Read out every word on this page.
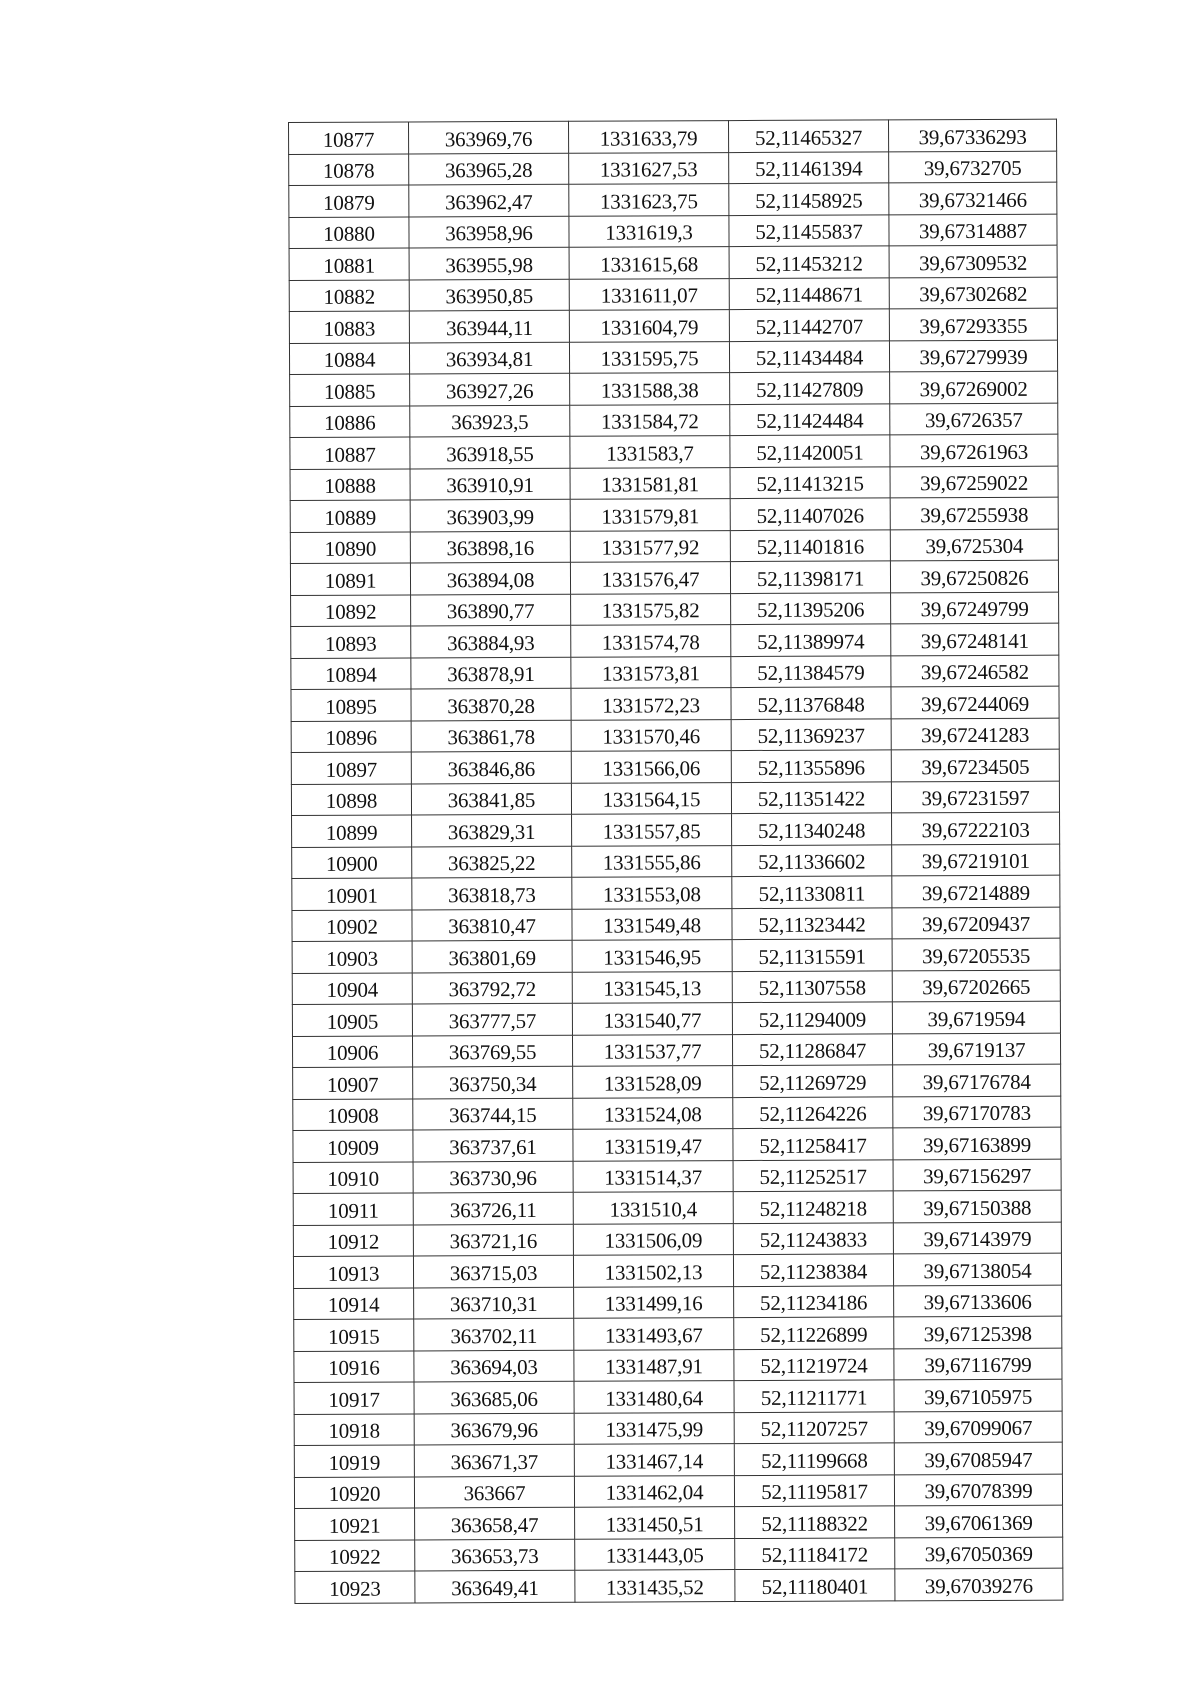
10877	363969,76	1331633,79	52,11465327	39,67336293
10878	363965,28	1331627,53	52,11461394	39,6732705
10879	363962,47	1331623,75	52,11458925	39,67321466
10880	363958,96	1331619,3	52,11455837	39,67314887
10881	363955,98	1331615,68	52,11453212	39,67309532
10882	363950,85	1331611,07	52,11448671	39,67302682
10883	363944,11	1331604,79	52,11442707	39,67293355
10884	363934,81	1331595,75	52,11434484	39,67279939
10885	363927,26	1331588,38	52,11427809	39,67269002
10886	363923,5	1331584,72	52,11424484	39,6726357
10887	363918,55	1331583,7	52,11420051	39,67261963
10888	363910,91	1331581,81	52,11413215	39,67259022
10889	363903,99	1331579,81	52,11407026	39,67255938
10890	363898,16	1331577,92	52,11401816	39,6725304
10891	363894,08	1331576,47	52,11398171	39,67250826
10892	363890,77	1331575,82	52,11395206	39,67249799
10893	363884,93	1331574,78	52,11389974	39,67248141
10894	363878,91	1331573,81	52,11384579	39,67246582
10895	363870,28	1331572,23	52,11376848	39,67244069
10896	363861,78	1331570,46	52,11369237	39,67241283
10897	363846,86	1331566,06	52,11355896	39,67234505
10898	363841,85	1331564,15	52,11351422	39,67231597
10899	363829,31	1331557,85	52,11340248	39,67222103
10900	363825,22	1331555,86	52,11336602	39,67219101
10901	363818,73	1331553,08	52,11330811	39,67214889
10902	363810,47	1331549,48	52,11323442	39,67209437
10903	363801,69	1331546,95	52,11315591	39,67205535
10904	363792,72	1331545,13	52,11307558	39,67202665
10905	363777,57	1331540,77	52,11294009	39,6719594
10906	363769,55	1331537,77	52,11286847	39,6719137
10907	363750,34	1331528,09	52,11269729	39,67176784
10908	363744,15	1331524,08	52,11264226	39,67170783
10909	363737,61	1331519,47	52,11258417	39,67163899
10910	363730,96	1331514,37	52,11252517	39,67156297
10911	363726,11	1331510,4	52,11248218	39,67150388
10912	363721,16	1331506,09	52,11243833	39,67143979
10913	363715,03	1331502,13	52,11238384	39,67138054
10914	363710,31	1331499,16	52,11234186	39,67133606
10915	363702,11	1331493,67	52,11226899	39,67125398
10916	363694,03	1331487,91	52,11219724	39,67116799
10917	363685,06	1331480,64	52,11211771	39,67105975
10918	363679,96	1331475,99	52,11207257	39,67099067
10919	363671,37	1331467,14	52,11199668	39,67085947
10920	363667	1331462,04	52,11195817	39,67078399
10921	363658,47	1331450,51	52,11188322	39,67061369
10922	363653,73	1331443,05	52,11184172	39,67050369
10923	363649,41	1331435,52	52,11180401	39,67039276
